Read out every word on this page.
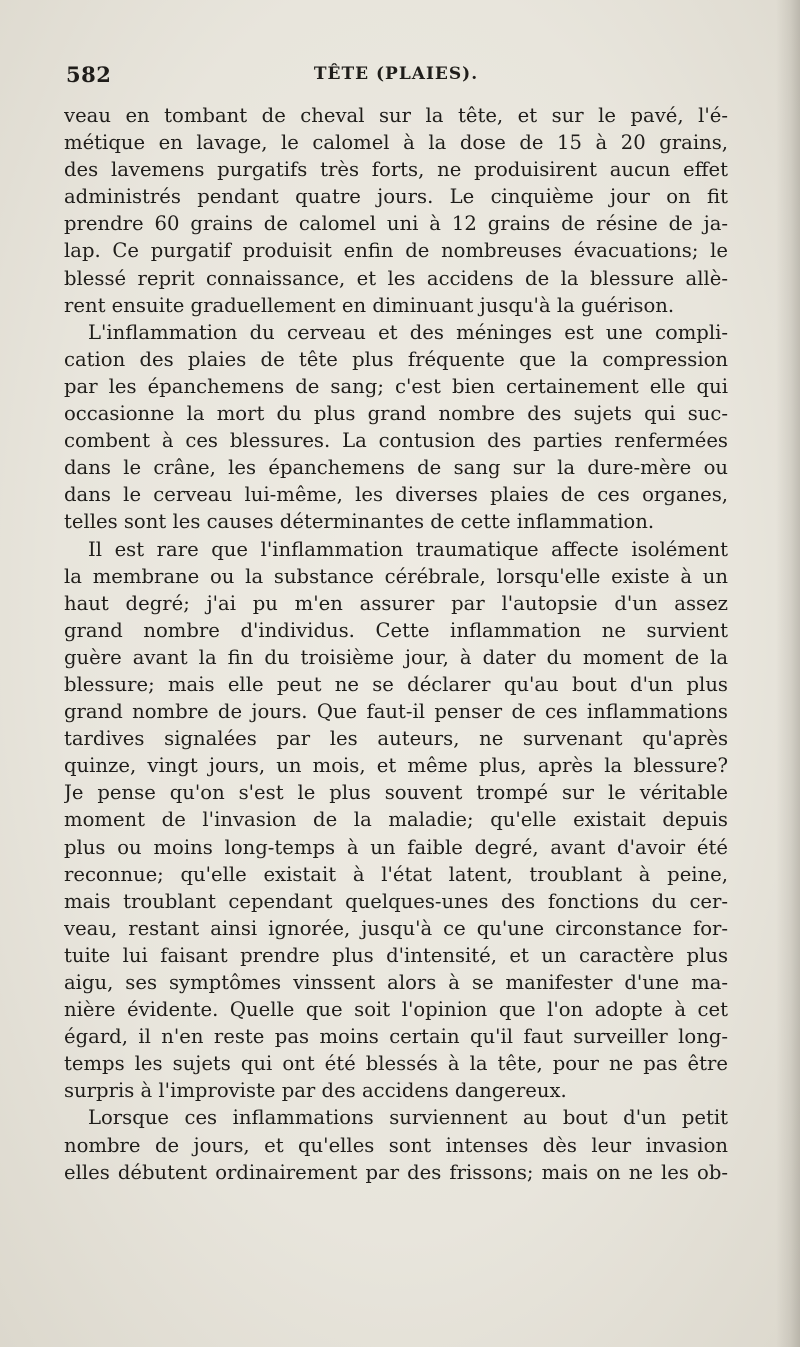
582	TÊTE (PLAIES).
veau en tombant de cheval sur la tête, et sur le pavé, l'é-
métique en lavage, le calomel à la dose de 15 à 20 grains,
des lavemens purgatifs très forts, ne produisirent aucun effet
administrés pendant quatre jours. Le cinquième jour on fit
prendre 60 grains de calomel uni à 12 grains de résine de ja-
lap. Ce purgatif produisit enfin de nombreuses évacuations; le
blessé reprit connaissance, et les accidens de la blessure allè-
rent ensuite graduellement en diminuant jusqu'à la guérison.
L'inflammation du cerveau et des méninges est une compli-
cation des plaies de tête plus fréquente que la compression
par les épanchemens de sang; c'est bien certainement elle qui
occasionne la mort du plus grand nombre des sujets qui suc-
combent à ces blessures. La contusion des parties renfermées
dans le crâne, les épanchemens de sang sur la dure-mère ou
dans le cerveau lui-même, les diverses plaies de ces organes,
telles sont les causes déterminantes de cette inflammation.
Il est rare que l'inflammation traumatique affecte isolément
la membrane ou la substance cérébrale, lorsqu'elle existe à un
haut degré; j'ai pu m'en assurer par l'autopsie d'un assez
grand nombre d'individus. Cette inflammation ne survient
guère avant la fin du troisième jour, à dater du moment de la
blessure; mais elle peut ne se déclarer qu'au bout d'un plus
grand nombre de jours. Que faut-il penser de ces inflammations
tardives signalées par les auteurs, ne survenant qu'après
quinze, vingt jours, un mois, et même plus, après la blessure?
Je pense qu'on s'est le plus souvent trompé sur le véritable
moment de l'invasion de la maladie; qu'elle existait depuis
plus ou moins long-temps à un faible degré, avant d'avoir été
reconnue; qu'elle existait à l'état latent, troublant à peine,
mais troublant cependant quelques-unes des fonctions du cer-
veau, restant ainsi ignorée, jusqu'à ce qu'une circonstance for-
tuite lui faisant prendre plus d'intensité, et un caractère plus
aigu, ses symptômes vinssent alors à se manifester d'une ma-
nière évidente. Quelle que soit l'opinion que l'on adopte à cet
égard, il n'en reste pas moins certain qu'il faut surveiller long-
temps les sujets qui ont été blessés à la tête, pour ne pas être
surpris à l'improviste par des accidens dangereux.
Lorsque ces inflammations surviennent au bout d'un petit
nombre de jours, et qu'elles sont intenses dès leur invasion
elles débutent ordinairement par des frissons; mais on ne les ob-
